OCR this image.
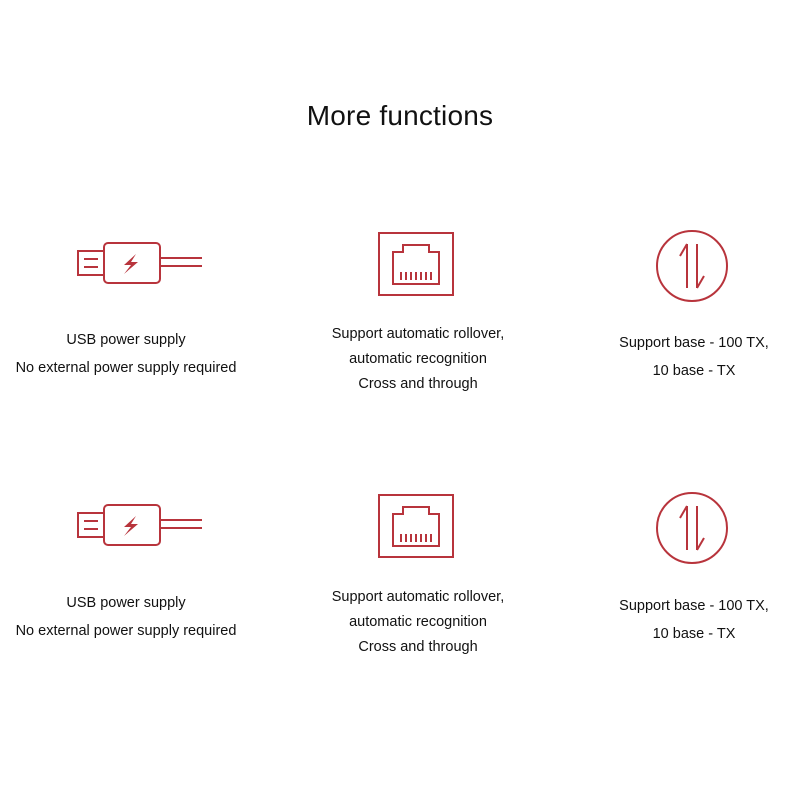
More functions
USB power supply
No external power supply required
Support automatic rollover,
automatic recognition
Cross and through
Support base - 100 TX,
10 base - TX
USB power supply
No external power supply required
Support automatic rollover,
automatic recognition
Cross and through
Support base - 100 TX,
10 base - TX
